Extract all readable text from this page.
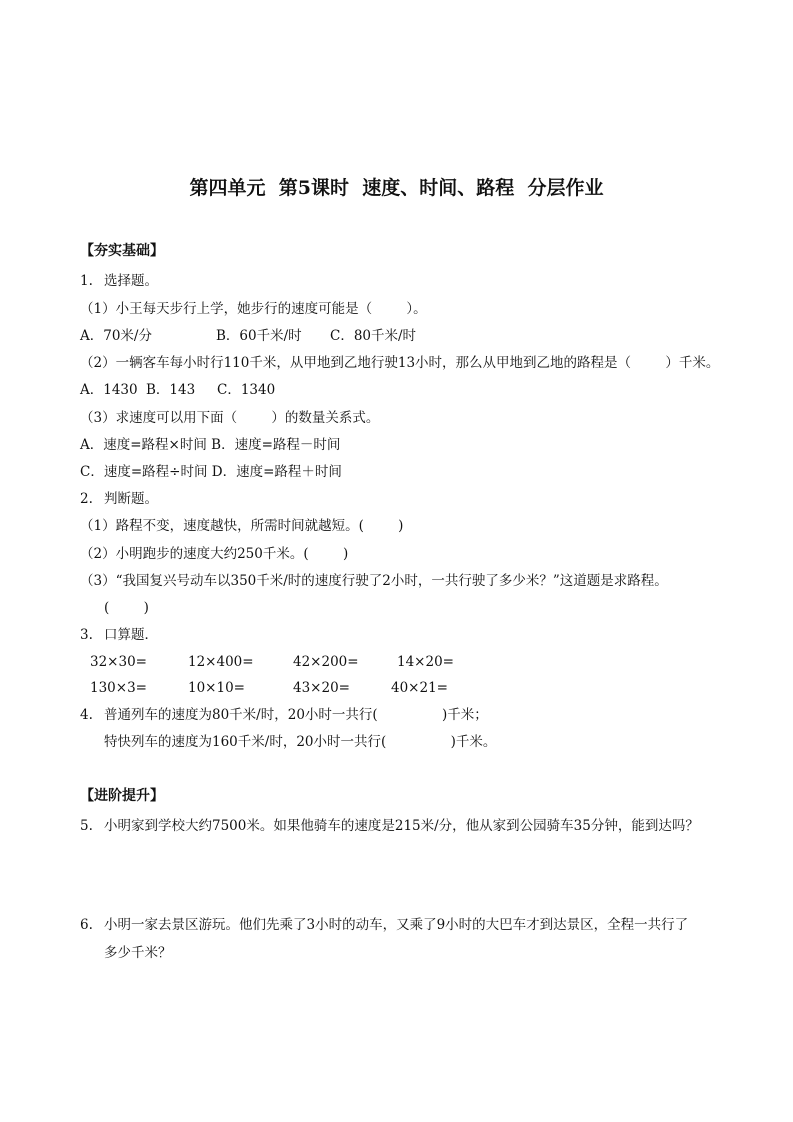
第四单元  第5课时  速度、时间、路程  分层作业
【夯实基础】
1. 选择题。
（1）小王每天步行上学，她步行的速度可能是（        ）。
A．70米/分	B．60千米/时 C．80千米/时
（2）一辆客车每小时行110千米，从甲地到乙地行驶13小时，那么从甲地到乙地的路程是（        ）千米。
A．1430 B．143 C．1340
（3）求速度可以用下面（        ）的数量关系式。
A．速度=路程×时间 B．速度=路程－时间
C．速度=路程÷时间 D．速度=路程＋时间
2. 判断题。
（1）路程不变，速度越快，所需时间就越短。(        )
（2）小明跑步的速度大约250千米。(        )
（3）“我国复兴号动车以350千米/时的速度行驶了2小时，一共行驶了多少米？”这道题是求路程。
(        )
3. 口算题．
32×30=	12×400=	42×200=	14×20=
130×3=	10×10=	43×20=	40×21=
4. 普通列车的速度为80千米/时，20小时一共行(               )千米；
特快列车的速度为160千米/时，20小时一共行(               )千米。
【进阶提升】
5. 小明家到学校大约7500米。如果他骑车的速度是215米/分，他从家到公园骑车35分钟，能到达吗？
6. 小明一家去景区游玩。他们先乘了3小时的动车，又乘了9小时的大巴车才到达景区，全程一共行了
多少千米？
